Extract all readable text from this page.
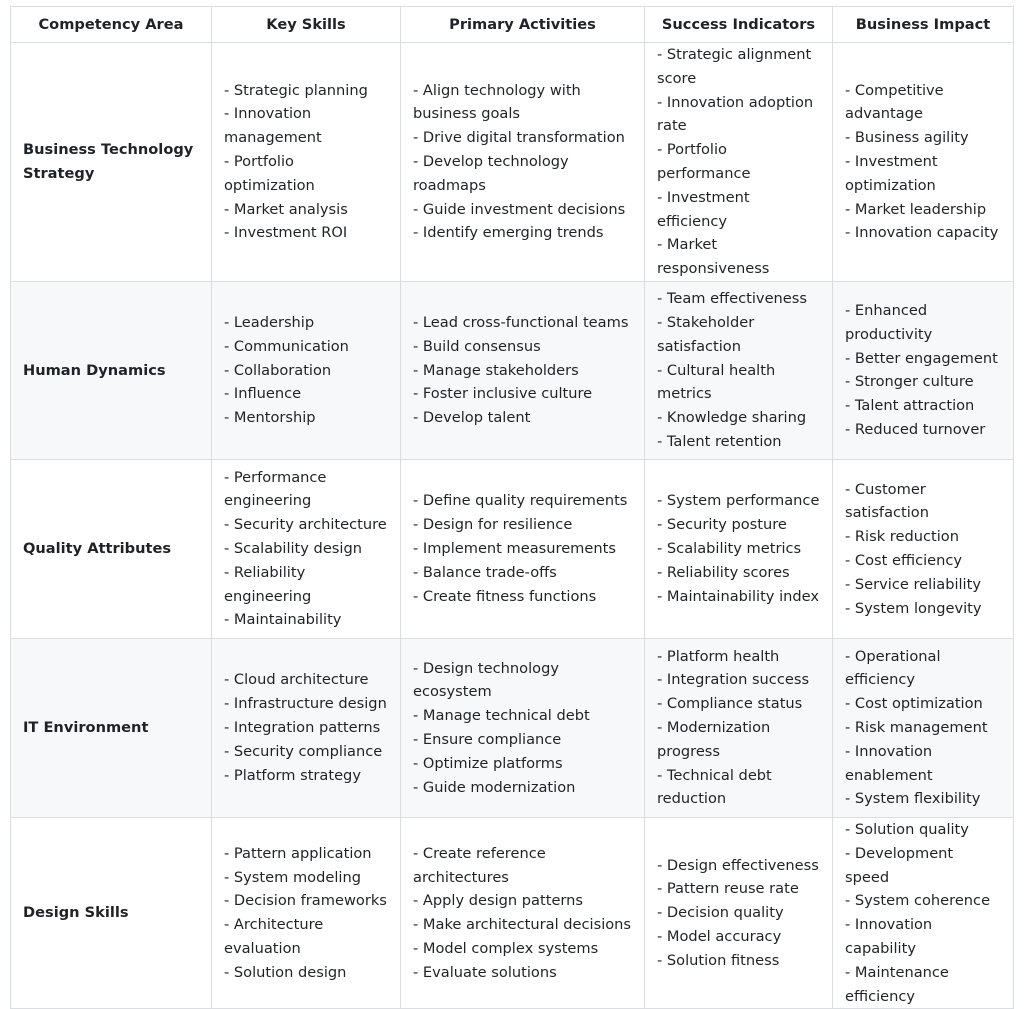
Competency Area	Key Skills	Primary Activities	Success Indicators	Business Impact
Business Technology Strategy	- Strategic planning
- Innovation management
- Portfolio optimization
- Market analysis
- Investment ROI	- Align technology with business goals
- Drive digital transformation
- Develop technology roadmaps
- Guide investment decisions
- Identify emerging trends	- Strategic alignment score
- Innovation adoption rate
- Portfolio performance
- Investment efficiency
- Market responsiveness	- Competitive advantage
- Business agility
- Investment optimization
- Market leadership
- Innovation capacity

Human Dynamics	- Leadership
- Communication
- Collaboration
- Influence
- Mentorship	- Lead cross-functional teams
- Build consensus
- Manage stakeholders
- Foster inclusive culture
- Develop talent	- Team effectiveness
- Stakeholder satisfaction
- Cultural health metrics
- Knowledge sharing
- Talent retention	- Enhanced productivity
- Better engagement
- Stronger culture
- Talent attraction
- Reduced turnover

Quality Attributes	- Performance engineering
- Security architecture
- Scalability design
- Reliability engineering
- Maintainability	- Define quality requirements
- Design for resilience
- Implement measurements
- Balance trade-offs
- Create fitness functions	- System performance
- Security posture
- Scalability metrics
- Reliability scores
- Maintainability index	- Customer satisfaction
- Risk reduction
- Cost efficiency
- Service reliability
- System longevity

IT Environment	- Cloud architecture
- Infrastructure design
- Integration patterns
- Security compliance
- Platform strategy	- Design technology ecosystem
- Manage technical debt
- Ensure compliance
- Optimize platforms
- Guide modernization	- Platform health
- Integration success
- Compliance status
- Modernization progress
- Technical debt reduction	- Operational efficiency
- Cost optimization
- Risk management
- Innovation enablement
- System flexibility

Design Skills	- Pattern application
- System modeling
- Decision frameworks
- Architecture evaluation
- Solution design	- Create reference architectures
- Apply design patterns
- Make architectural decisions
- Model complex systems
- Evaluate solutions	- Design effectiveness
- Pattern reuse rate
- Decision quality
- Model accuracy
- Solution fitness	- Solution quality
- Development speed
- System coherence
- Innovation capability
- Maintenance efficiency
